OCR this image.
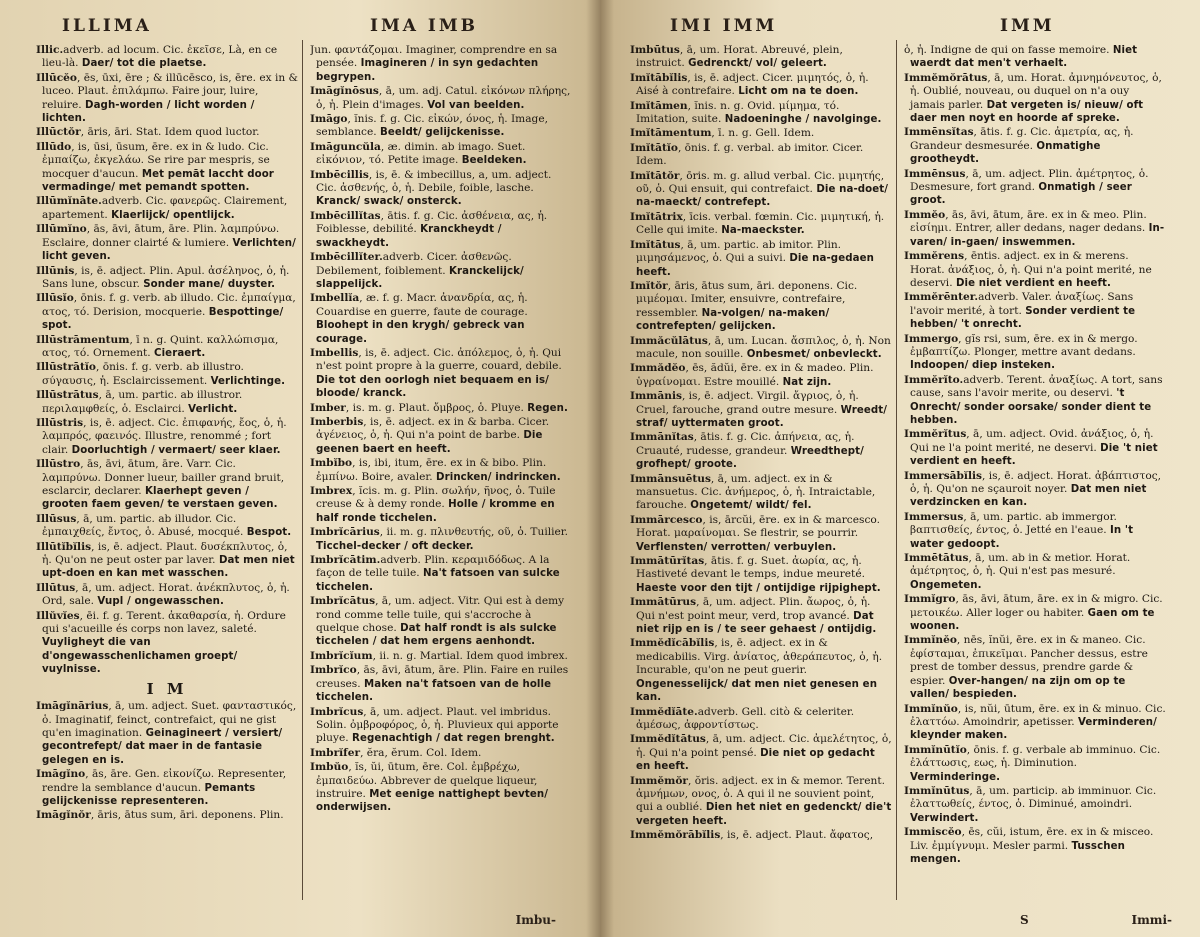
ILLIMA	IMA IMB
Illic.adverb. ad locum. Cic. ἐκεῖσε, Là, en ce lieu-là. Daer/ tot die plaetse.
Illūcĕo, ēs, ūxi, ēre ; & illūcēsco, is, ēre. ex in & luceo. Plaut. ἐπιλάμπω. Faire jour, luire, reluire. Dagh-worden / licht worden / lichten.
Illūctŏr, āris, āri. Stat. Idem quod luctor.
Illūdo, is, ūsi, ūsum, ēre. ex in & ludo. Cic. ἐμπαίζω, ἐκγελάω. Se rire par mespris, se mocquer d'aucun. Met pemāt laccht door vermadinge/ met pemandt spotten.
Illūmĭnāte.adverb. Cic. φανερῶς. Clairement, apartement. Klaerlijck/ opentlijck.
Illūmĭno, ās, āvi, ātum, āre. Plin. λαμπρύνω. Esclaire, donner clairté & lumiere. Verlichten/ licht geven.
Illūnis, is, ē. adject. Plin. Apul. ἀσέληνος, ὁ, ἡ. Sans lune, obscur. Sonder mane/ duyster.
Illūsĭo, ōnis. f. g. verb. ab illudo. Cic. ἐμπαίγμα, ατος, τό. Derision, mocquerie. Bespottinge/ spot.
Illūstrāmentum, ī n. g. Quint. καλλώπισμα, ατος, τό. Ornement. Cieraert.
Illūstrātĭo, ōnis. f. g. verb. ab illustro. σύγαυσις, ἡ. Esclaircissement. Verlichtinge.
Illūstrātus, ā, um. partic. ab illustror. περιλαμφθείς, ὁ. Esclairci. Verlicht.
Illūstris, is, ē. adject. Cic. ἐπιφανής, ἔος, ὁ, ἡ. λαμπρός, φαεινός. Illustre, renommé ; fort clair. Doorluchtigh / vermaert/ seer klaer.
Illūstro, ās, āvi, ātum, āre. Varr. Cic. λαμπρύνω. Donner lueur, bailler grand bruit, esclarcir, declarer. Klaerhept geven / grooten faem geven/ te verstaen geven.
Illūsus, ā, um. partic. ab illudor. Cic. ἐμπαιχθείς, ἔντος, ὁ. Abusé, mocqué. Bespot.
Illūtĭbĭlis, is, ē. adject. Plaut. δυσέκπλυτος, ὁ, ἡ. Qu'on ne peut oster par laver. Dat men niet upt-doen en kan met wasschen.
Illūtus, ā, um. adject. Horat. ἀνέκπλυτος, ὁ, ἡ. Ord, sale. Vupl / ongewasschen.
Illŭvĭes, ēi. f. g. Terent. ἀκαθαρσία, ἡ. Ordure qui s'acueille és corps non lavez, saleté. Vuyligheyt die van d'ongewasschenlichamen groept/ vuylnisse.
I M
Imāgĭnārius, ā, um. adject. Suet. φανταστικός, ὁ. Imaginatif, feinct, contrefaict, qui ne gist qu'en imagination. Geinagineert / versiert/ gecontrefept/ dat maer in de fantasie gelegen en is.
Imāgĭno, ās, āre. Gen. εἰκονίζω. Representer, rendre la semblance d'aucun. Pemants gelijckenisse representeren.
Imāgĭnŏr, āris, ātus sum, āri. deponens. Plin.
Jun. φαντάζομαι. Imaginer, comprendre en sa pensée. Imagineren / in syn gedachten begrypen.
Imāgĭnōsus, ā, um. adj. Catul. εἰκόνων πλήρης, ὁ, ἡ. Plein d'images. Vol van beelden.
Imāgo, ĭnis. f. g. Cic. εἰκών, όνος, ἡ. Image, semblance. Beeldt/ gelijckenisse.
Imāguncŭla, æ. dimin. ab imago. Suet. εἰκόνιον, τό. Petite image. Beeldeken.
Imbēcillis, is, ē. & imbecillus, a, um. adject. Cic. ἀσθενής, ὁ, ἡ. Debile, foible, lasche. Kranck/ swack/ onsterck.
Imbēcillĭtas, ātis. f. g. Cic. ἀσθένεια, ας, ἡ. Foiblesse, debilité. Kranckheydt / swackheydt.
Imbēcillĭter.adverb. Cicer. ἀσθενῶς. Debilement, foiblement. Kranckelijck/ slappelijck.
Imbellĭa, æ. f. g. Macr. ἀνανδρία, ας, ἡ. Couardise en guerre, faute de courage. Bloohept in den krygh/ gebreck van courage.
Imbellis, is, ē. adject. Cic. ἀπόλεμος, ὁ, ἡ. Qui n'est point propre à la guerre, couard, debile. Die tot den oorlogh niet bequaem en is/ bloode/ kranck.
Imber, is. m. g. Plaut. ὄμβρος, ὁ. Pluye. Regen.
Imberbis, is, ē. adject. ex in & barba. Cicer. ἀγένειος, ὁ, ἡ. Qui n'a point de barbe. Die geenen baert en heeft.
Imbĭbo, is, ibi, itum, ēre. ex in & bibo. Plin. ἐμπίνω. Boire, avaler. Drincken/ indrincken.
Imbrex, ĭcis. m. g. Plin. σωλήν, ῆνος, ὁ. Tuile creuse & à demy ronde. Holle / kromme en half ronde ticchelen.
Imbrĭcārius, ii. m. g. πλινθευτής, οῦ, ὁ. Tuilier. Ticchel-decker / oft decker.
Imbrĭcātim.adverb. Plin. κεραμιδόδως. A la façon de telle tuile. Na't fatsoen van sulcke ticchelen.
Imbrĭcātus, ā, um. adject. Vitr. Qui est à demy rond comme telle tuile, qui s'accroche à quelque chose. Dat half rondt is als sulcke ticchelen / dat hem ergens aenhondt.
Imbrĭcĭum, ii. n. g. Martial. Idem quod imbrex.
Imbrĭco, ās, āvi, ātum, āre. Plin. Faire en ruiles creuses. Maken na't fatsoen van de holle ticchelen.
Imbrĭcus, ā, um. adject. Plaut. vel imbridus. Solin. ὀμβροφόρος, ὁ, ἡ. Pluvieux qui apporte pluye. Regenachtigh / dat regen brenght.
Imbrĭfer, ĕra, ĕrum. Col. Idem.
Imbŭo, ĭs, ŭi, ūtum, ēre. Col. ἐμβρέχω, ἐμπαιδεύω. Abbrever de quelque liqueur, instruire. Met eenige nattighept bevten/ onderwijsen.
Imbu-
IMI IMM	IMM
Imbūtus, ā, um. Horat. Abreuvé, plein, instruict. Gedrenckt/ vol/ geleert.
Imĭtābĭlis, is, ē. adject. Cicer. μιμητός, ὁ, ἡ. Aisé à contrefaire. Licht om na te doen.
Imĭtāmen, ĭnis. n. g. Ovid. μίμημα, τό. Imitation, suite. Nadoeninghe / navolginge.
Imĭtāmentum, ī. n. g. Gell. Idem.
Imĭtātĭo, ōnis. f. g. verbal. ab imitor. Cicer. Idem.
Imĭtātŏr, ōris. m. g. allud verbal. Cic. μιμητής, οῦ, ὁ. Qui ensuit, qui contrefaict. Die na-doet/ na-maeckt/ contrefept.
Imĭtātrix, īcis. verbal. fœmin. Cic. μιμητική, ἡ. Celle qui imite. Na-maeckster.
Imĭtātus, ā, um. partic. ab imitor. Plin. μιμησάμενος, ὁ. Qui a suivi. Die na-gedaen heeft.
Imĭtŏr, āris, ātus sum, āri. deponens. Cic. μιμέομαι. Imiter, ensuivre, contrefaire, ressembler. Na-volgen/ na-maken/ contrefepten/ gelijcken.
Immăcŭlātus, ā, um. Lucan. ἄσπιλος, ὁ, ἡ. Non macule, non souille. Onbesmet/ onbevleckt.
Immădĕo, ēs, ădŭi, ēre. ex in & madeo. Plin. ὑγραίνομαι. Estre mouillé. Nat zijn.
Immānis, is, ē. adject. Virgil. ἄγριος, ὁ, ἡ. Cruel, farouche, grand outre mesure. Wreedt/ straf/ uyttermaten groot.
Immānĭtas, ātis. f. g. Cic. ἀπήνεια, ας, ἡ. Cruauté, rudesse, grandeur. Wreedthept/ grofhept/ groote.
Immānsuētus, ā, um. adject. ex in & mansuetus. Cic. ἀνήμερος, ὁ, ἡ. Intraictable, farouche. Ongetemt/ wildt/ fel.
Immārcesco, is, ārcŭi, ēre. ex in & marcesco. Horat. μαραίνομαι. Se flestrir, se pourrir. Verflensten/ verrotten/ verbuylen.
Immātūrĭtas, ātis. f. g. Suet. ἀωρία, ας, ἡ. Hastiveté devant le temps, indue meureté. Haeste voor den tijt / ontijdige rijpighept.
Immātūrus, ā, um. adject. Plin. ἄωρος, ὁ, ἡ. Qui n'est point meur, verd, trop avancé. Dat niet rijp en is / te seer gehaest / ontijdig.
Immĕdĭcābĭlis, is, ē. adject. ex in & medicabilis. Virg. ἀνίατος, ἀθεράπευτος, ὁ, ἡ. Incurable, qu'on ne peut guerir. Ongenesselijck/ dat men niet genesen en kan.
Immĕdĭāte.adverb. Gell. citò & celeriter. ἀμέσως, ἀφροντίστως.
Immĕdĭtātus, ā, um. adject. Cic. ἀμελέτητος, ὁ, ἡ. Qui n'a point pensé. Die niet op gedacht en heeft.
Immĕmŏr, ŏris. adject. ex in & memor. Terent. ἀμνήμων, ονος, ὁ. A qui il ne souvient point, qui a oublié. Dien het niet en gedenckt/ die't vergeten heeft.
Immĕmŏrābĭlis, is, ē. adject. Plaut. ἄφατος,
ὁ, ἡ. Indigne de qui on fasse memoire. Niet waerdt dat men't verhaelt.
Immĕmŏrātus, ā, um. Horat. ἀμνημόνευτος, ὁ, ἡ. Oublié, nouveau, ou duquel on n'a ouy jamais parler. Dat vergeten is/ nieuw/ oft daer men noyt en hoorde af spreke.
Immēnsĭtas, ātis. f. g. Cic. ἀμετρία, ας, ἡ. Grandeur desmesurée. Onmatighe grootheydt.
Immēnsus, ā, um. adject. Plin. ἀμέτρητος, ὁ. Desmesure, fort grand. Onmatigh / seer groot.
Immĕo, ās, āvi, ātum, āre. ex in & meo. Plin. εἰσίημι. Entrer, aller dedans, nager dedans. In-varen/ in-gaen/ inswemmen.
Immĕrens, ēntis. adject. ex in & merens. Horat. ἀνάξιος, ὁ, ἡ. Qui n'a point merité, ne deservi. Die niet verdient en heeft.
Immĕrēnter.adverb. Valer. ἀναξίως. Sans l'avoir merité, à tort. Sonder verdient te hebben/ 't onrecht.
Immergo, gĭs rsi, sum, ēre. ex in & mergo. ἐμβαπτίζω. Plonger, mettre avant dedans. Indoopen/ diep insteken.
Immĕrĭto.adverb. Terent. ἀναξίως. A tort, sans cause, sans l'avoir merite, ou deservi. 't Onrecht/ sonder oorsake/ sonder dient te hebben.
Immĕrĭtus, ā, um. adject. Ovid. ἀνάξιος, ὁ, ἡ. Qui ne l'a point merité, ne deservi. Die 't niet verdient en heeft.
Immersābĭlis, is, ē. adject. Horat. ἀβάπτιστος, ὁ, ἡ. Qu'on ne sçauroit noyer. Dat men niet verdzincken en kan.
Immersus, ā, um. partic. ab immergor. βαπτισθείς, έντος, ὁ. Jetté en l'eaue. In 't water gedoopt.
Immētātus, ā, um. ab in & metior. Horat. ἀμέτρητος, ὁ, ἡ. Qui n'est pas mesuré. Ongemeten.
Immĭgro, ās, āvi, ātum, āre. ex in & migro. Cic. μετοικέω. Aller loger ou habiter. Gaen om te woonen.
Immĭnĕo, nēs, ĭnŭi, ēre. ex in & maneo. Cic. ἐφίσταμαι, ἐπικεῖμαι. Pancher dessus, estre prest de tomber dessus, prendre garde & espier. Over-hangen/ na zijn om op te vallen/ bespieden.
Immĭnŭo, is, nŭi, ūtum, ēre. ex in & minuo. Cic. ἐλαττόω. Amoindrir, apetisser. Verminderen/ kleynder maken.
Immĭnūtĭo, ōnis. f. g. verbale ab imminuo. Cic. ἐλάττωσις, εως, ἡ. Diminution. Verminderinge.
Immĭnūtus, ā, um. particip. ab imminuor. Cic. ἐλαττωθείς, έντος, ὁ. Diminué, amoindri. Verwindert.
Immiscĕo, ēs, cŭi, istum, ēre. ex in & misceo. Liv. ἐμμίγνυμι. Mesler parmi. Tusschen mengen.
S	Immi-
